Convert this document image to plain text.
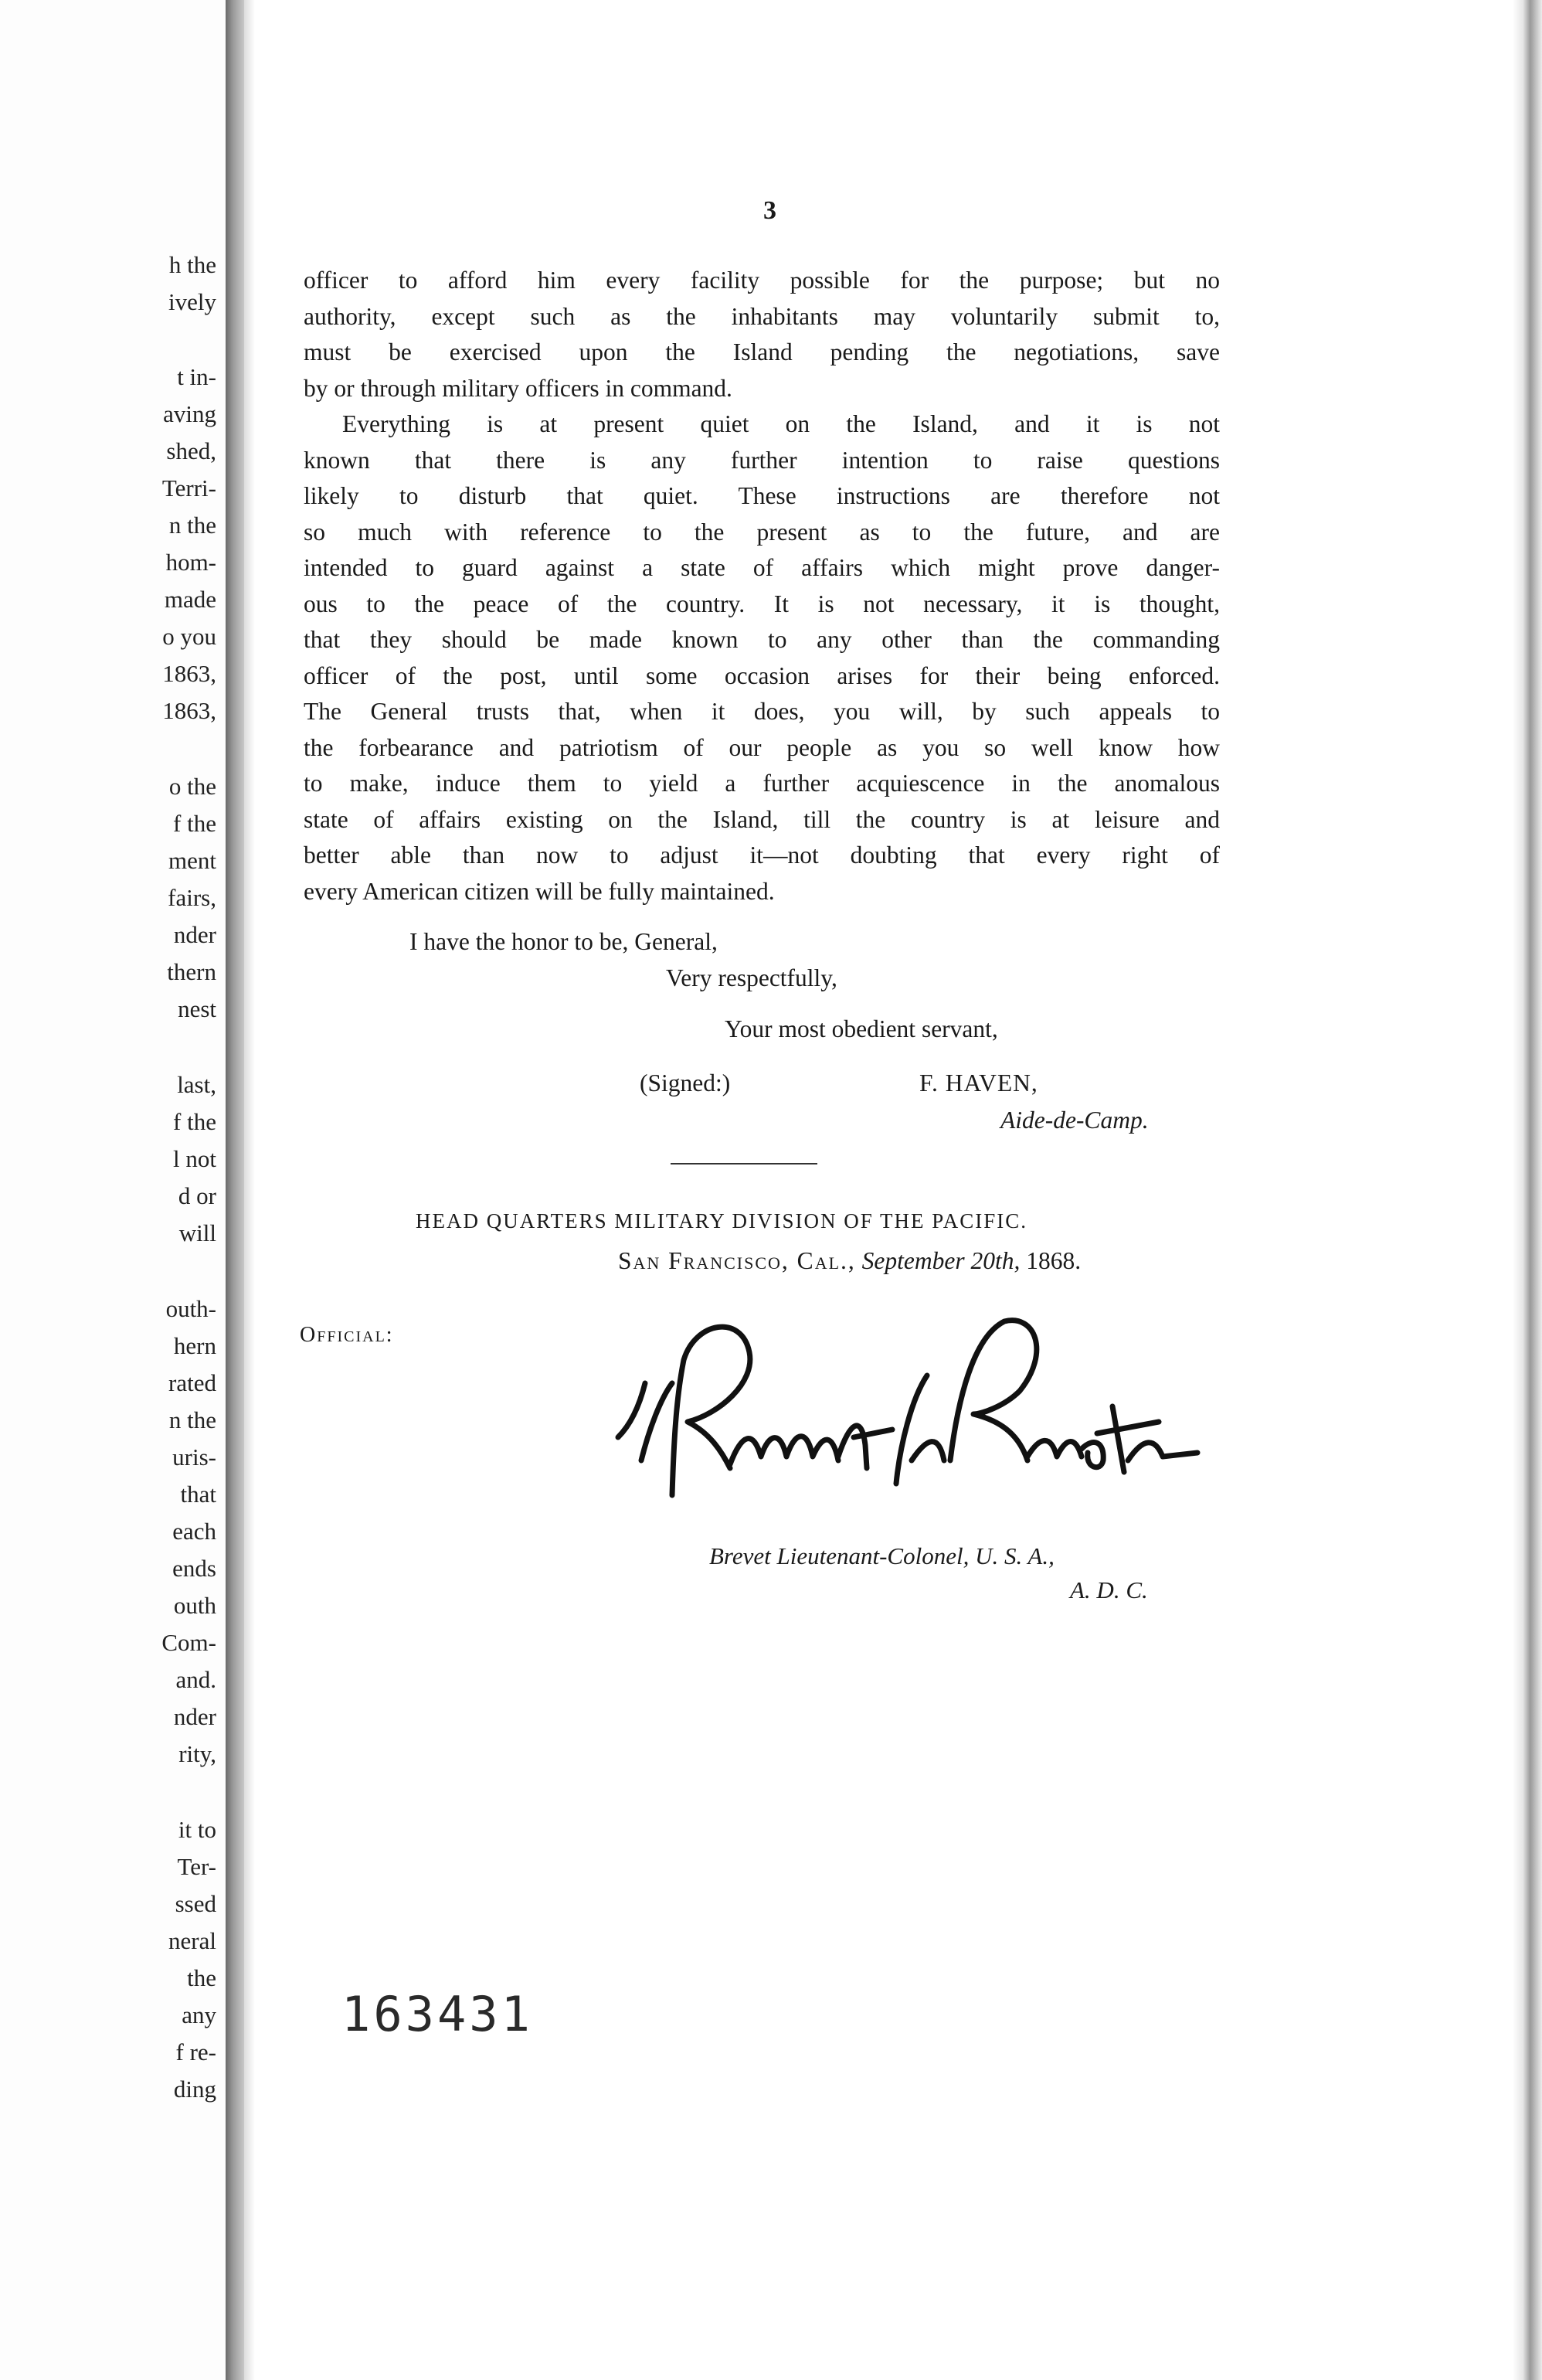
h the
ively
t in-
aving
shed,
Terri-
n the
hom-
made
o you
1863,
1863,
o the
f the
ment
fairs,
nder
thern
nest
last,
f the
l not
d or
will
outh-
hern
rated
n the
uris-
that
each
ends
outh
Com-
and.
nder
rity,
it to
Ter-
ssed
neral
the
any
f re-
ding
3
officer to afford him every facility possible for the purpose; but no
authority, except such as the inhabitants may voluntarily submit to,
must be exercised upon the Island pending the negotiations, save
by or through military officers in command.
Everything is at present quiet on the Island, and it is not
known that there is any further intention to raise questions
likely to disturb that quiet. These instructions are therefore not
so much with reference to the present as to the future, and are
intended to guard against a state of affairs which might prove danger-
ous to the peace of the country. It is not necessary, it is thought,
that they should be made known to any other than the commanding
officer of the post, until some occasion arises for their being enforced.
The General trusts that, when it does, you will, by such appeals to
the forbearance and patriotism of our people as you so well know how
to make, induce them to yield a further acquiescence in the anomalous
state of affairs existing on the Island, till the country is at leisure and
better able than now to adjust it—not doubting that every right of
every American citizen will be fully maintained.
I have the honor to be, General,
Very respectfully,
Your most obedient servant,
(Signed:)	F. HAVEN,
Aide-de-Camp.
HEAD QUARTERS MILITARY DIVISION OF THE PACIFIC.
San Francisco, Cal., September 20th, 1868.
Official:
Brevet Lieutenant-Colonel, U. S. A.,
A. D. C.
163431
